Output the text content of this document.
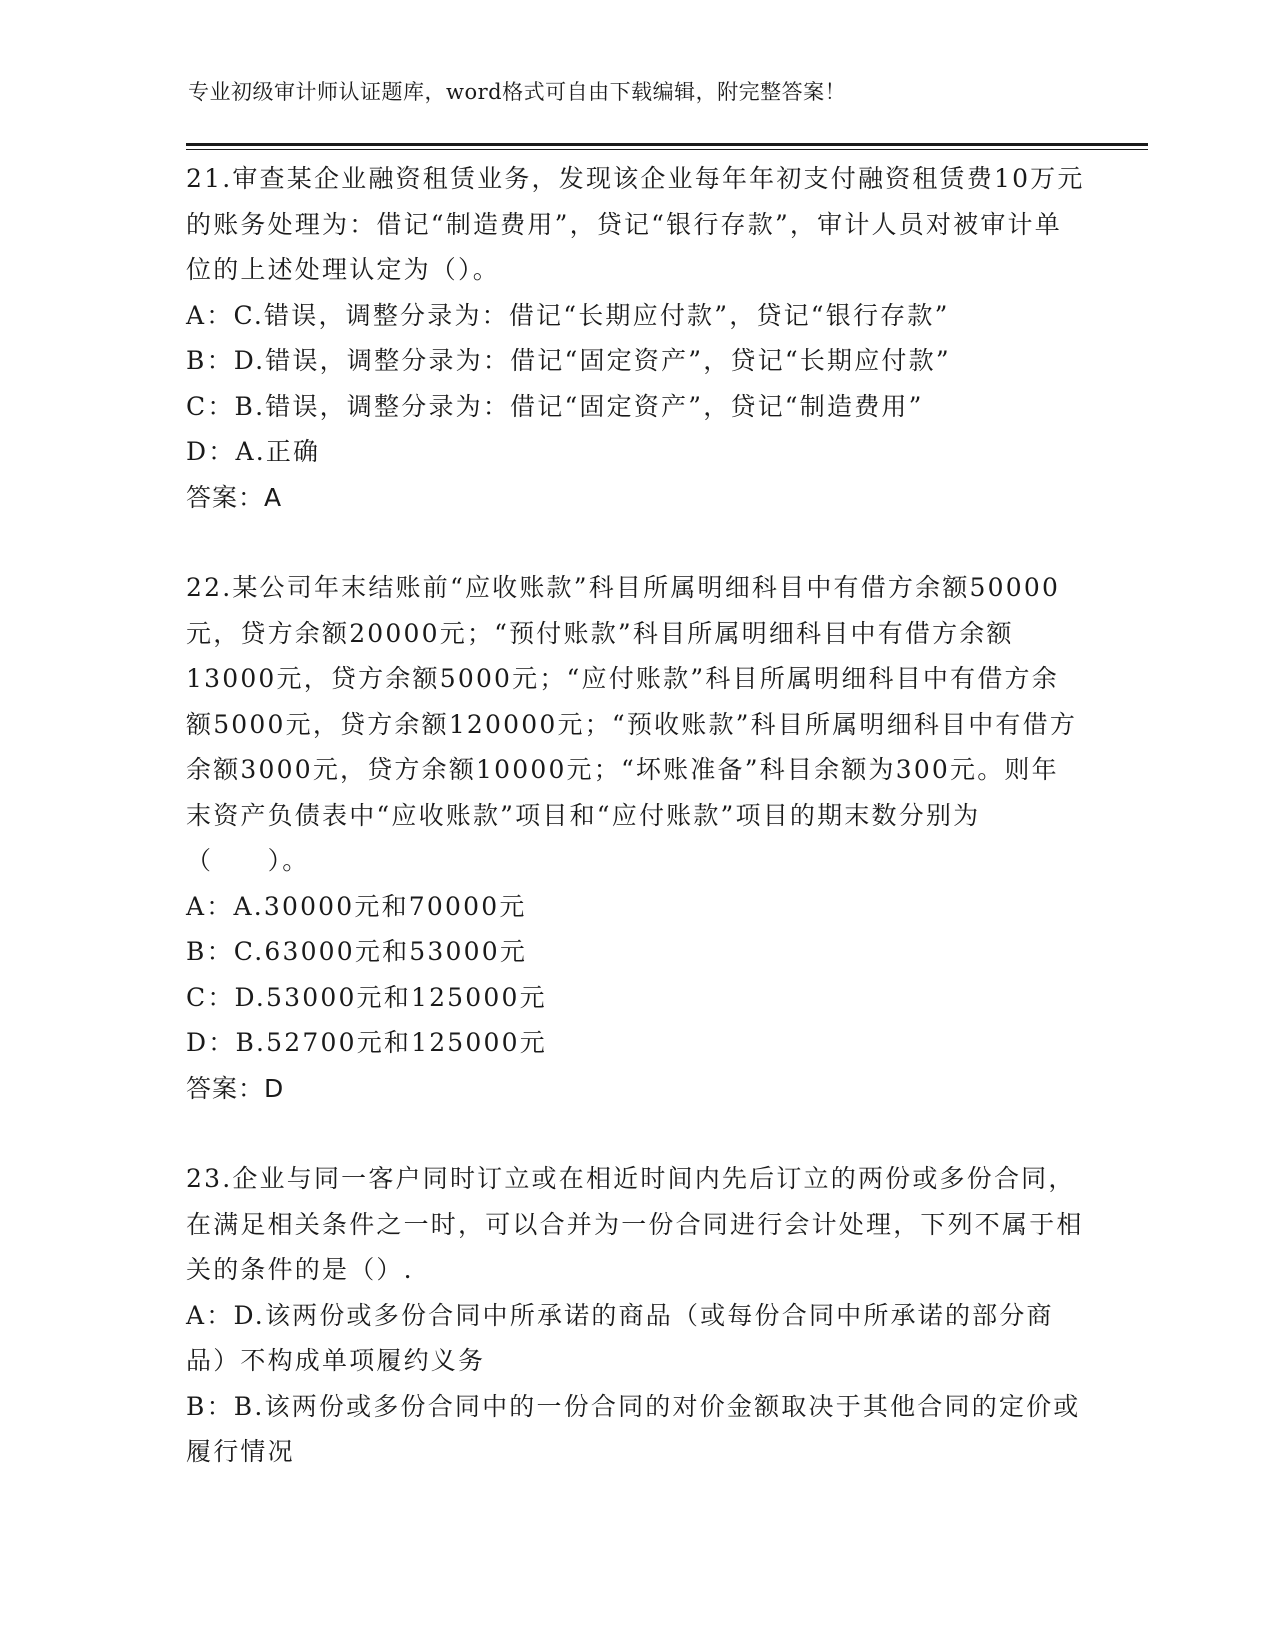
专业初级审计师认证题库，word格式可自由下载编辑，附完整答案！

21.审查某企业融资租赁业务，发现该企业每年年初支付融资租赁费10万元的账务处理为：借记“制造费用”，贷记“银行存款”，审计人员对被审计单位的上述处理认定为（）。

A：C.错误，调整分录为：借记“长期应付款”，贷记“银行存款”

B：D.错误，调整分录为：借记“固定资产”，贷记“长期应付款”

C：B.错误，调整分录为：借记“固定资产”，贷记“制造费用”

D：A.正确

答案：A

22.某公司年末结账前“应收账款”科目所属明细科目中有借方余额50000元，贷方余额20000元；“预付账款”科目所属明细科目中有借方余额13000元，贷方余额5000元；“应付账款”科目所属明细科目中有借方余额5000元，贷方余额120000元；“预收账款”科目所属明细科目中有借方余额3000元，贷方余额10000元；“坏账准备”科目余额为300元。则年末资产负债表中“应收账款”项目和“应付账款”项目的期末数分别为（　　）。

A：A.30000元和70000元

B：C.63000元和53000元

C：D.53000元和125000元

D：B.52700元和125000元

答案：D

23.企业与同一客户同时订立或在相近时间内先后订立的两份或多份合同，在满足相关条件之一时，可以合并为一份合同进行会计处理，下列不属于相关的条件的是（）.

A：D.该两份或多份合同中所承诺的商品（或每份合同中所承诺的部分商品）不构成单项履约义务

B：B.该两份或多份合同中的一份合同的对价金额取决于其他合同的定价或履行情况
